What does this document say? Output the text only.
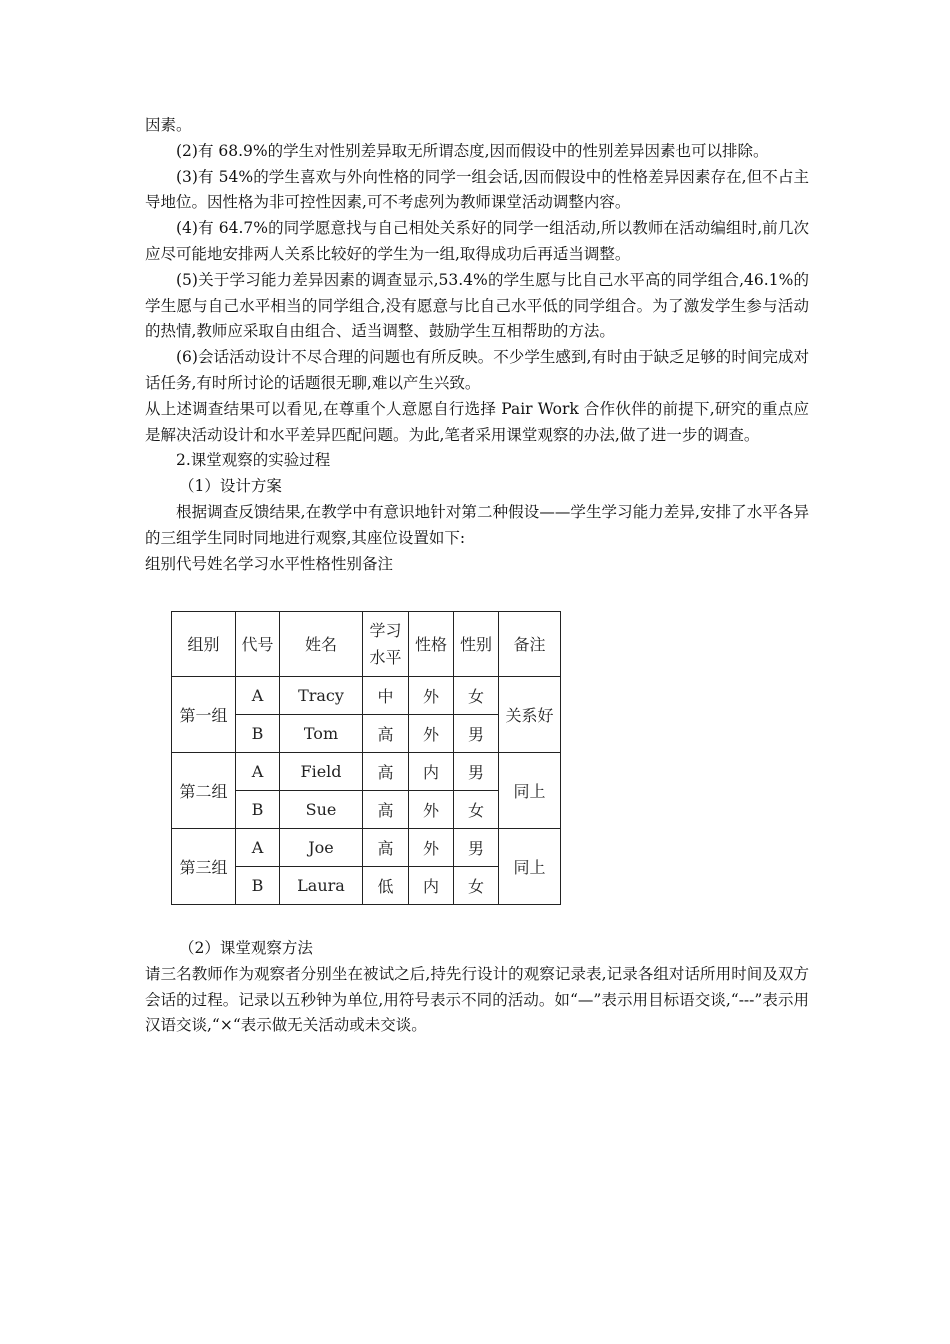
因素。

(2)有 68.9%的学生对性别差异取无所谓态度,因而假设中的性别差异因素也可以排除。

(3)有 54%的学生喜欢与外向性格的同学一组会话,因而假设中的性格差异因素存在,但不占主导地位。因性格为非可控性因素,可不考虑列为教师课堂活动调整内容。

(4)有 64.7%的同学愿意找与自己相处关系好的同学一组活动,所以教师在活动编组时,前几次应尽可能地安排两人关系比较好的学生为一组,取得成功后再适当调整。

(5)关于学习能力差异因素的调查显示,53.4%的学生愿与比自己水平高的同学组合,46.1%的学生愿与自己水平相当的同学组合,没有愿意与比自己水平低的同学组合。为了激发学生参与活动的热情,教师应采取自由组合、适当调整、鼓励学生互相帮助的方法。

(6)会话活动设计不尽合理的问题也有所反映。不少学生感到,有时由于缺乏足够的时间完成对话任务,有时所讨论的话题很无聊,难以产生兴致。

从上述调查结果可以看见,在尊重个人意愿自行选择 Pair Work 合作伙伴的前提下,研究的重点应是解决活动设计和水平差异匹配问题。为此,笔者采用课堂观察的办法,做了进一步的调查。

2.课堂观察的实验过程

（1）设计方案

根据调查反馈结果,在教学中有意识地针对第二种假设——学生学习能力差异,安排了水平各异的三组学生同时同地进行观察,其座位设置如下:

组别代号姓名学习水平性格性别备注

组别	代号	姓名	学习水平	性格	性别	备注
第一组	A	Tracy	中	外	女	关系好
	B	Tom	高	外	男	
第二组	A	Field	高	内	男	同上
	B	Sue	高	外	女	
第三组	A	Joe	高	外	男	同上
	B	Laura	低	内	女	

（2）课堂观察方法

请三名教师作为观察者分别坐在被试之后,持先行设计的观察记录表,记录各组对话所用时间及双方会话的过程。记录以五秒钟为单位,用符号表示不同的活动。如“—”表示用目标语交谈,“---”表示用汉语交谈,“×“表示做无关活动或未交谈。
